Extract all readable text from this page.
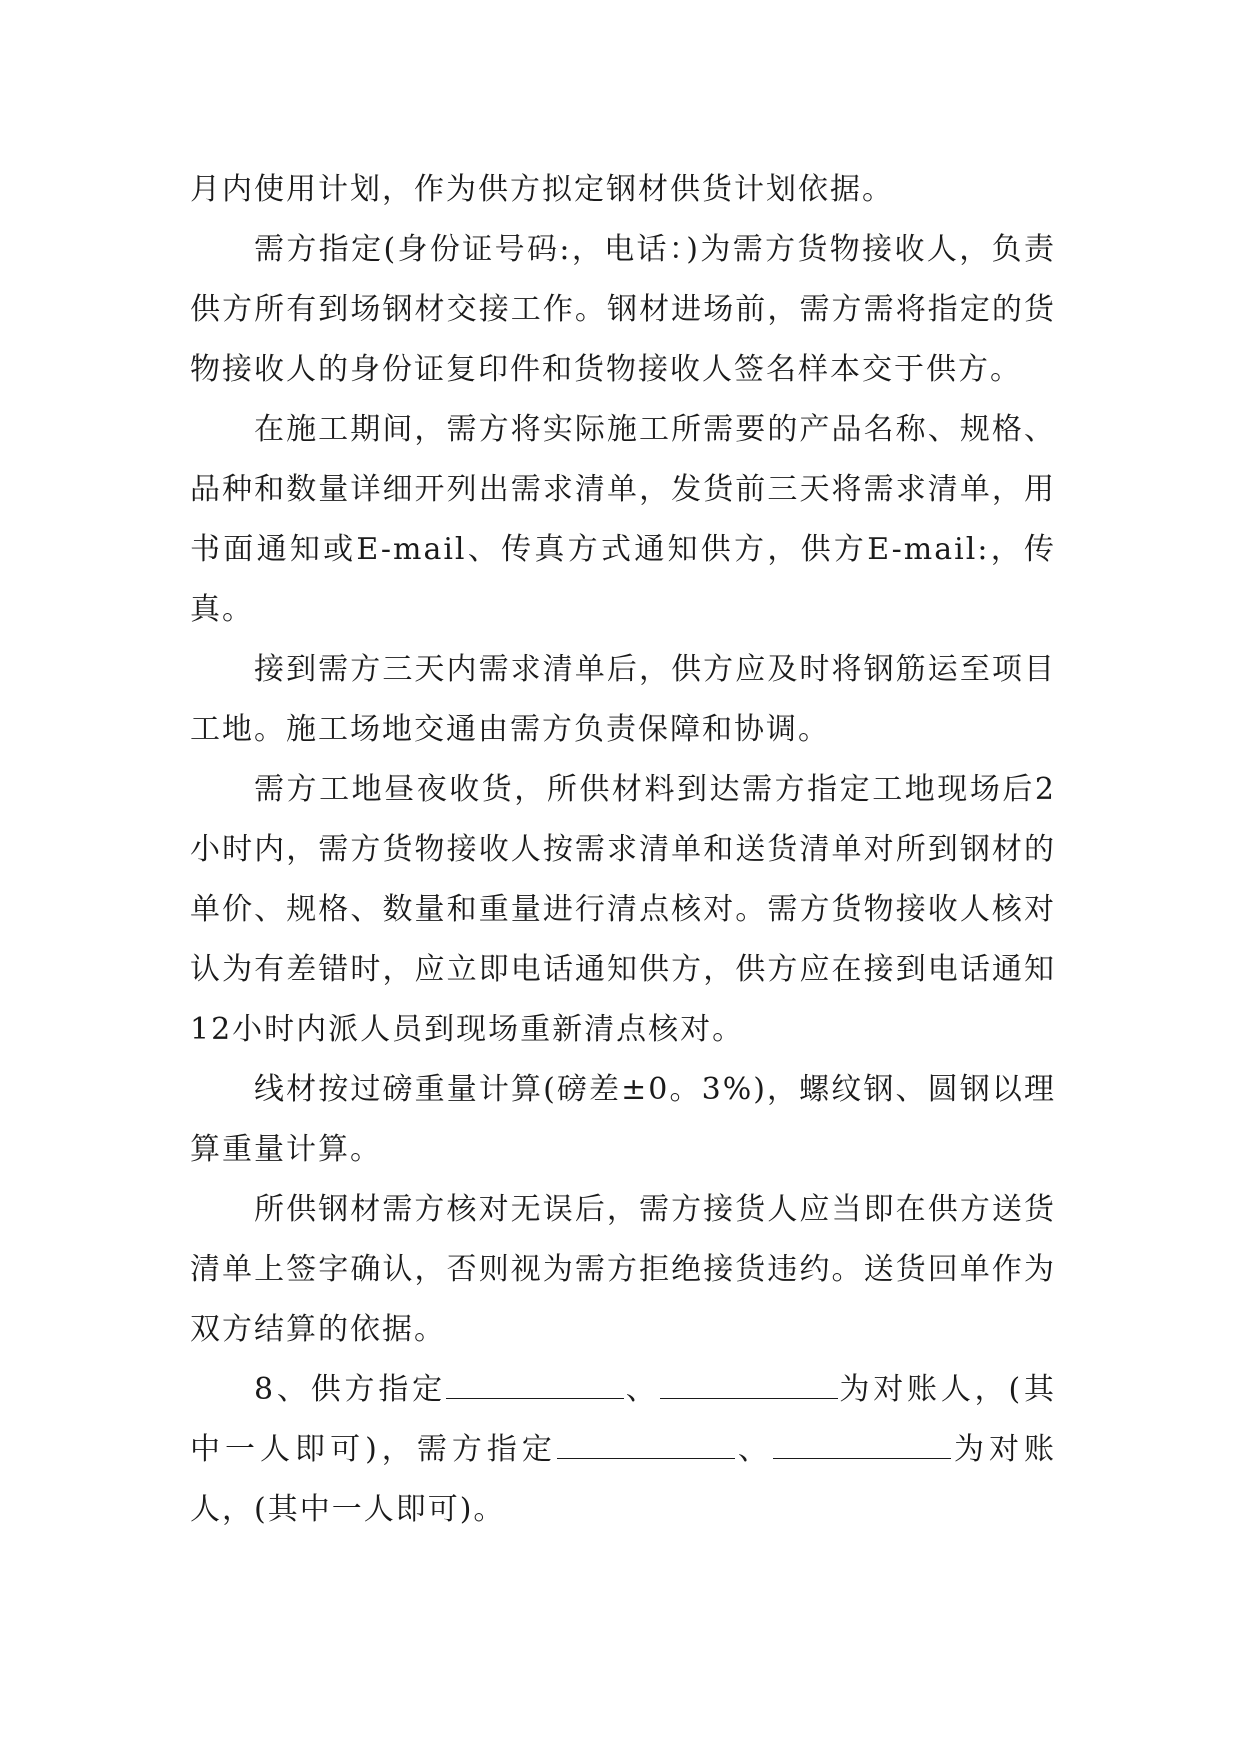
月内使用计划，作为供方拟定钢材供货计划依据。

需方指定(身份证号码:，电话：)为需方货物接收人，负责供方所有到场钢材交接工作。钢材进场前，需方需将指定的货物接收人的身份证复印件和货物接收人签名样本交于供方。

在施工期间，需方将实际施工所需要的产品名称、规格、品种和数量详细开列出需求清单，发货前三天将需求清单，用书面通知或E-mail、传真方式通知供方，供方E-mail:，传真。

接到需方三天内需求清单后，供方应及时将钢筋运至项目工地。施工场地交通由需方负责保障和协调。

需方工地昼夜收货，所供材料到达需方指定工地现场后2小时内，需方货物接收人按需求清单和送货清单对所到钢材的单价、规格、数量和重量进行清点核对。需方货物接收人核对认为有差错时，应立即电话通知供方，供方应在接到电话通知12小时内派人员到现场重新清点核对。

线材按过磅重量计算(磅差±0。3%)，螺纹钢、圆钢以理算重量计算。

所供钢材需方核对无误后，需方接货人应当即在供方送货清单上签字确认，否则视为需方拒绝接货违约。送货回单作为双方结算的依据。

8、供方指定	、	为对账人，(其中一人即可)，需方指定	、	为对账人，(其中一人即可)。
